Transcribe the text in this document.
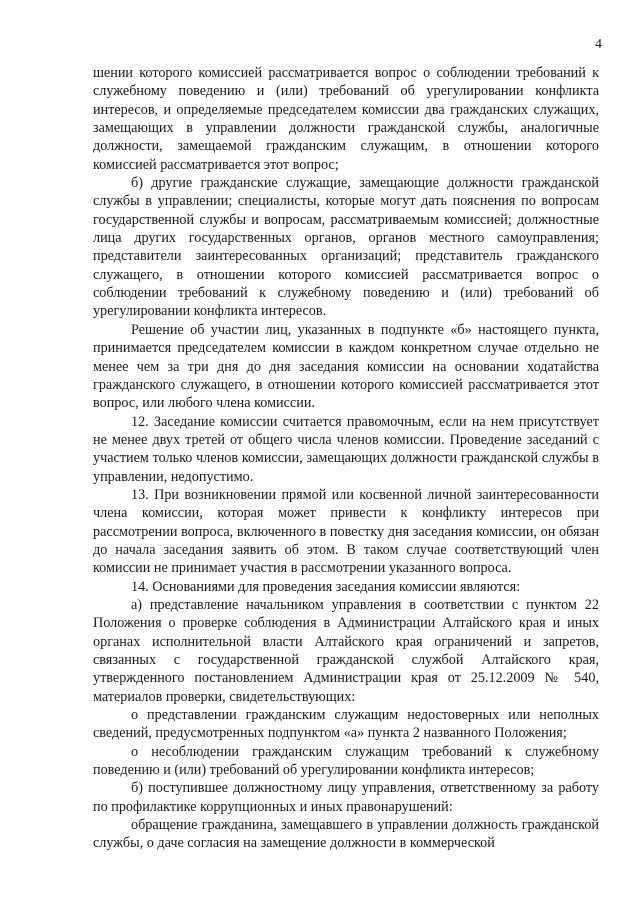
4

шении которого комиссией рассматривается вопрос о соблюдении требований к служебному поведению и (или) требований об урегулировании конфликта интересов, и определяемые председателем комиссии два гражданских служащих, замещающих в управлении должности гражданской службы, аналогичные должности, замещаемой гражданским служащим, в отношении которого комиссией рассматривается этот вопрос;

б) другие гражданские служащие, замещающие должности гражданской службы в управлении; специалисты, которые могут дать пояснения по вопросам государственной службы и вопросам, рассматриваемым комиссией; должностные лица других государственных органов, органов местного самоуправления; представители заинтересованных организаций; представитель гражданского служащего, в отношении которого комиссией рассматривается вопрос о соблюдении требований к служебному поведению и (или) требований об урегулировании конфликта интересов.

Решение об участии лиц, указанных в подпункте «б» настоящего пункта, принимается председателем комиссии в каждом конкретном случае отдельно не менее чем за три дня до дня заседания комиссии на основании ходатайства гражданского служащего, в отношении которого комиссией рассматривается этот вопрос, или любого члена комиссии.

12. Заседание комиссии считается правомочным, если на нем присутствует не менее двух третей от общего числа членов комиссии. Проведение заседаний с участием только членов комиссии, замещающих должности гражданской службы в управлении, недопустимо.

13. При возникновении прямой или косвенной личной заинтересованности члена комиссии, которая может привести к конфликту интересов при рассмотрении вопроса, включенного в повестку дня заседания комиссии, он обязан до начала заседания заявить об этом. В таком случае соответствующий член комиссии не принимает участия в рассмотрении указанного вопроса.

14. Основаниями для проведения заседания комиссии являются:

а) представление начальником управления в соответствии с пунктом 22 Положения о проверке соблюдения в Администрации Алтайского края и иных органах исполнительной власти Алтайского края ограничений и запретов, связанных с государственной гражданской службой Алтайского края, утвержденного постановлением Администрации края от 25.12.2009 № 540, материалов проверки, свидетельствующих:

о представлении гражданским служащим недостоверных или неполных сведений, предусмотренных подпунктом «а» пункта 2 названного Положения;

о несоблюдении гражданским служащим требований к служебному поведению и (или) требований об урегулировании конфликта интересов;

б) поступившее должностному лицу управления, ответственному за работу по профилактике коррупционных и иных правонарушений:

обращение гражданина, замещавшего в управлении должность гражданской службы, о даче согласия на замещение должности в коммерческой
